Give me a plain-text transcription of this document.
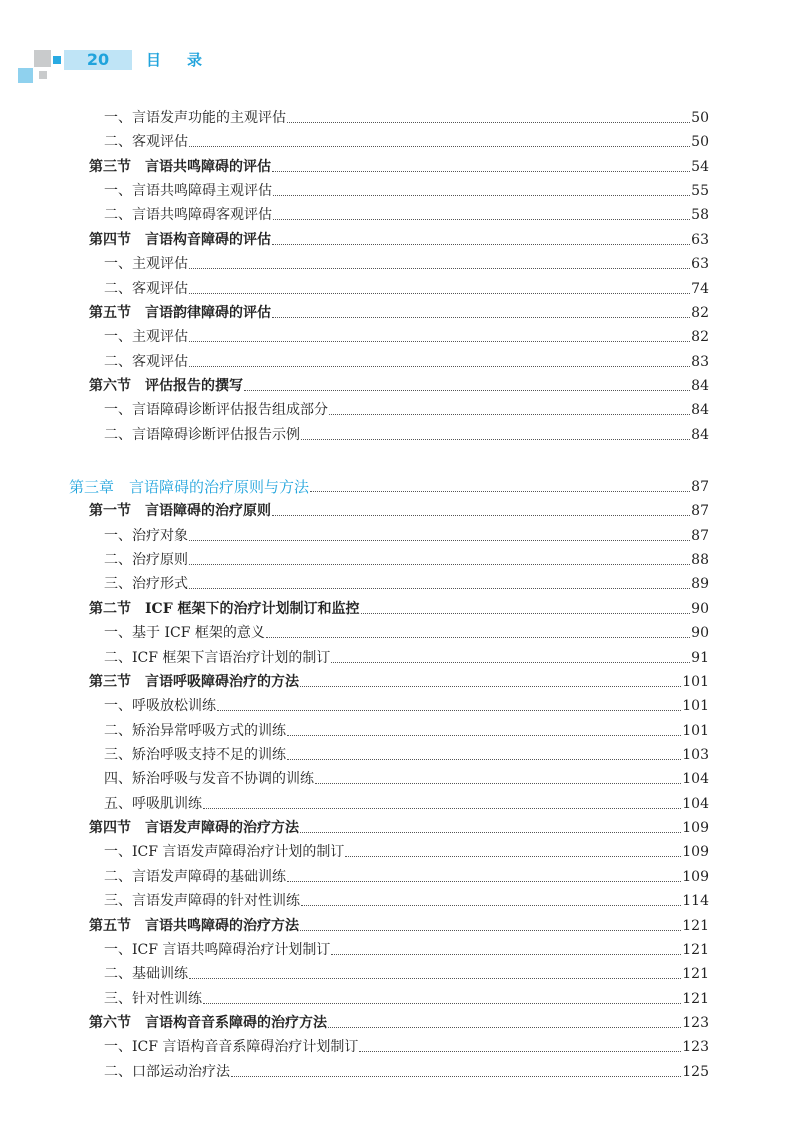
20	目录
一、言语发声功能的主观评估	50
二、客观评估	50
第三节　言语共鸣障碍的评估	54
一、言语共鸣障碍主观评估	55
二、言语共鸣障碍客观评估	58
第四节　言语构音障碍的评估	63
一、主观评估	63
二、客观评估	74
第五节　言语韵律障碍的评估	82
一、主观评估	82
二、客观评估	83
第六节　评估报告的撰写	84
一、言语障碍诊断评估报告组成部分	84
二、言语障碍诊断评估报告示例	84
第三章　言语障碍的治疗原则与方法	87
第一节　言语障碍的治疗原则	87
一、治疗对象	87
二、治疗原则	88
三、治疗形式	89
第二节　ICF 框架下的治疗计划制订和监控	90
一、基于 ICF 框架的意义	90
二、ICF 框架下言语治疗计划的制订	91
第三节　言语呼吸障碍治疗的方法	101
一、呼吸放松训练	101
二、矫治异常呼吸方式的训练	101
三、矫治呼吸支持不足的训练	103
四、矫治呼吸与发音不协调的训练	104
五、呼吸肌训练	104
第四节　言语发声障碍的治疗方法	109
一、ICF 言语发声障碍治疗计划的制订	109
二、言语发声障碍的基础训练	109
三、言语发声障碍的针对性训练	114
第五节　言语共鸣障碍的治疗方法	121
一、ICF 言语共鸣障碍治疗计划制订	121
二、基础训练	121
三、针对性训练	121
第六节　言语构音音系障碍的治疗方法	123
一、ICF 言语构音音系障碍治疗计划制订	123
二、口部运动治疗法	125
